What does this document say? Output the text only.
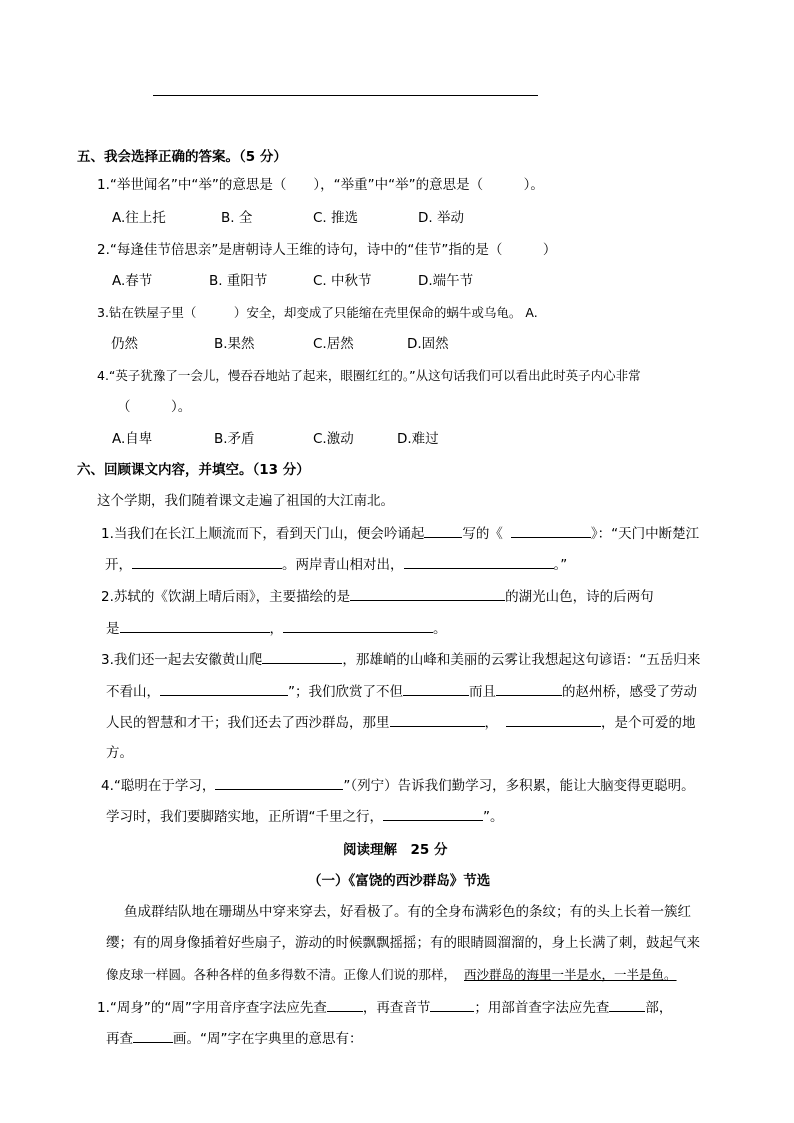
五、我会选择正确的答案。（5 分）
1.“举世闻名”中“举”的意思是（　　），“举重”中“举”的意思是（　　　）。
A.往上托	B. 全	C. 推选	D. 举动
2.“每逢佳节倍思亲”是唐朝诗人王维的诗句，诗中的“佳节”指的是（　　　）
A.春节	B. 重阳节	C. 中秋节	D.端午节
3.钻在铁屋子里（　　　）安全，却变成了只能缩在壳里保命的蜗牛或乌龟。 A.
仍然	B.果然	C.居然	D.固然
4.“英子犹豫了一会儿，慢吞吞地站了起来，眼圈红红的。”从这句话我们可以看出此时英子内心非常
（　　　）。
A.自卑	B.矛盾	C.激动	D.难过
六、回顾课文内容，并填空。（13 分）
这个学期，我们随着课文走遍了祖国的大江南北。
1.当我们在长江上顺流而下，看到天门山，便会吟诵起	写的《	》：“天门中断楚江
开，	。两岸青山相对出，	。”
2.苏轼的《饮湖上晴后雨》，主要描绘的是	的湖光山色，诗的后两句
是	，	。
3.我们还一起去安徽黄山爬	，那雄峭的山峰和美丽的云雾让我想起这句谚语：“五岳归来
不看山，	”；我们欣赏了不但	而且	的赵州桥，感受了劳动
人民的智慧和才干；我们还去了西沙群岛，那里	，	，是个可爱的地
方。
4.“聪明在于学习，	”（列宁）告诉我们勤学习，多积累，能让大脑变得更聪明。
学习时，我们要脚踏实地，正所谓“千里之行，	”。
阅读理解　25 分
（一）《富饶的西沙群岛》节选
鱼成群结队地在珊瑚丛中穿来穿去，好看极了。有的全身布满彩色的条纹；有的头上长着一簇红
缨；有的周身像插着好些扇子，游动的时候飘飘摇摇；有的眼睛圆溜溜的，身上长满了刺，鼓起气来
像皮球一样圆。各种各样的鱼多得数不清。正像人们说的那样， 西沙群岛的海里一半是水，一半是鱼。
1.“周身”的“周”字用音序查字法应先查	，再查音节	；用部首查字法应先查	部，
再查	画。“周”字在字典里的意思有：
